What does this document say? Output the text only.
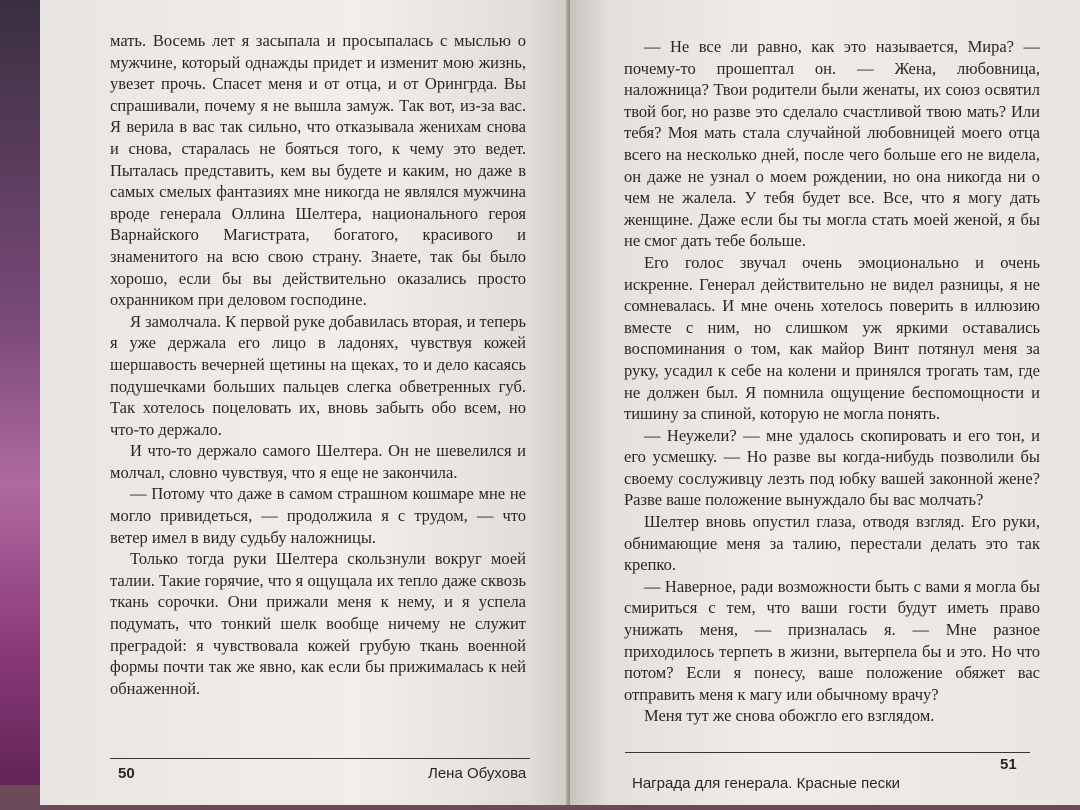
мать. Восемь лет я засыпала и просыпалась с мыслью о мужчине, который однажды придет и изменит мою жизнь, увезет прочь. Спасет меня и от отца, и от Орингрда. Вы спрашивали, почему я не вышла замуж. Так вот, из-за вас. Я верила в вас так сильно, что отказывала женихам снова и снова, старалась не бояться того, к чему это ведет. Пыталась представить, кем вы будете и каким, но даже в самых смелых фантазиях мне никогда не являлся мужчина вроде генерала Оллина Шелтера, национального героя Варнайского Магистрата, богатого, красивого и знаменитого на всю свою страну. Знаете, так бы было хорошо, если бы вы действительно оказались просто охранником при деловом господине.

Я замолчала. К первой руке добавилась вторая, и теперь я уже держала его лицо в ладонях, чувствуя кожей шершавость вечерней щетины на щеках, то и дело касаясь подушечками больших пальцев слегка обветренных губ. Так хотелось поцеловать их, вновь забыть обо всем, но что-то держало.

И что-то держало самого Шелтера. Он не шевелился и молчал, словно чувствуя, что я еще не закончила.

— Потому что даже в самом страшном кошмаре мне не могло привидеться, — продолжила я с трудом, — что ветер имел в виду судьбу наложницы.

Только тогда руки Шелтера скользнули вокруг моей талии. Такие горячие, что я ощущала их тепло даже сквозь ткань сорочки. Они прижали меня к нему, и я успела подумать, что тонкий шелк вообще ничему не служит преградой: я чувствовала кожей грубую ткань военной формы почти так же явно, как если бы прижималась к ней обнаженной.

— Не все ли равно, как это называется, Мира? — почему-то прошептал он. — Жена, любовница, наложница? Твои родители были женаты, их союз освятил твой бог, но разве это сделало счастливой твою мать? Или тебя? Моя мать стала случайной любовницей моего отца всего на несколько дней, после чего больше его не видела, он даже не узнал о моем рождении, но она никогда ни о чем не жалела. У тебя будет все. Все, что я могу дать женщине. Даже если бы ты могла стать моей женой, я бы не смог дать тебе больше.

Его голос звучал очень эмоционально и очень искренне. Генерал действительно не видел разницы, я не сомневалась. И мне очень хотелось поверить в иллюзию вместе с ним, но слишком уж яркими оставались воспоминания о том, как майор Винт потянул меня за руку, усадил к себе на колени и принялся трогать там, где не должен был. Я помнила ощущение беспомощности и тишину за спиной, которую не могла понять.

— Неужели? — мне удалось скопировать и его тон, и его усмешку. — Но разве вы когда-нибудь позволили бы своему сослуживцу лезть под юбку вашей законной жене? Разве ваше положение вынуждало бы вас молчать?

Шелтер вновь опустил глаза, отводя взгляд. Его руки, обнимающие меня за талию, перестали делать это так крепко.

— Наверное, ради возможности быть с вами я могла бы смириться с тем, что ваши гости будут иметь право унижать меня, — призналась я. — Мне разное приходилось терпеть в жизни, вытерпела бы и это. Но что потом? Если я понесу, ваше положение обяжет вас отправить меня к магу или обычному врачу?

Меня тут же снова обожгло его взглядом.

50	Лена Обухова
51
Награда для генерала. Красные пески
